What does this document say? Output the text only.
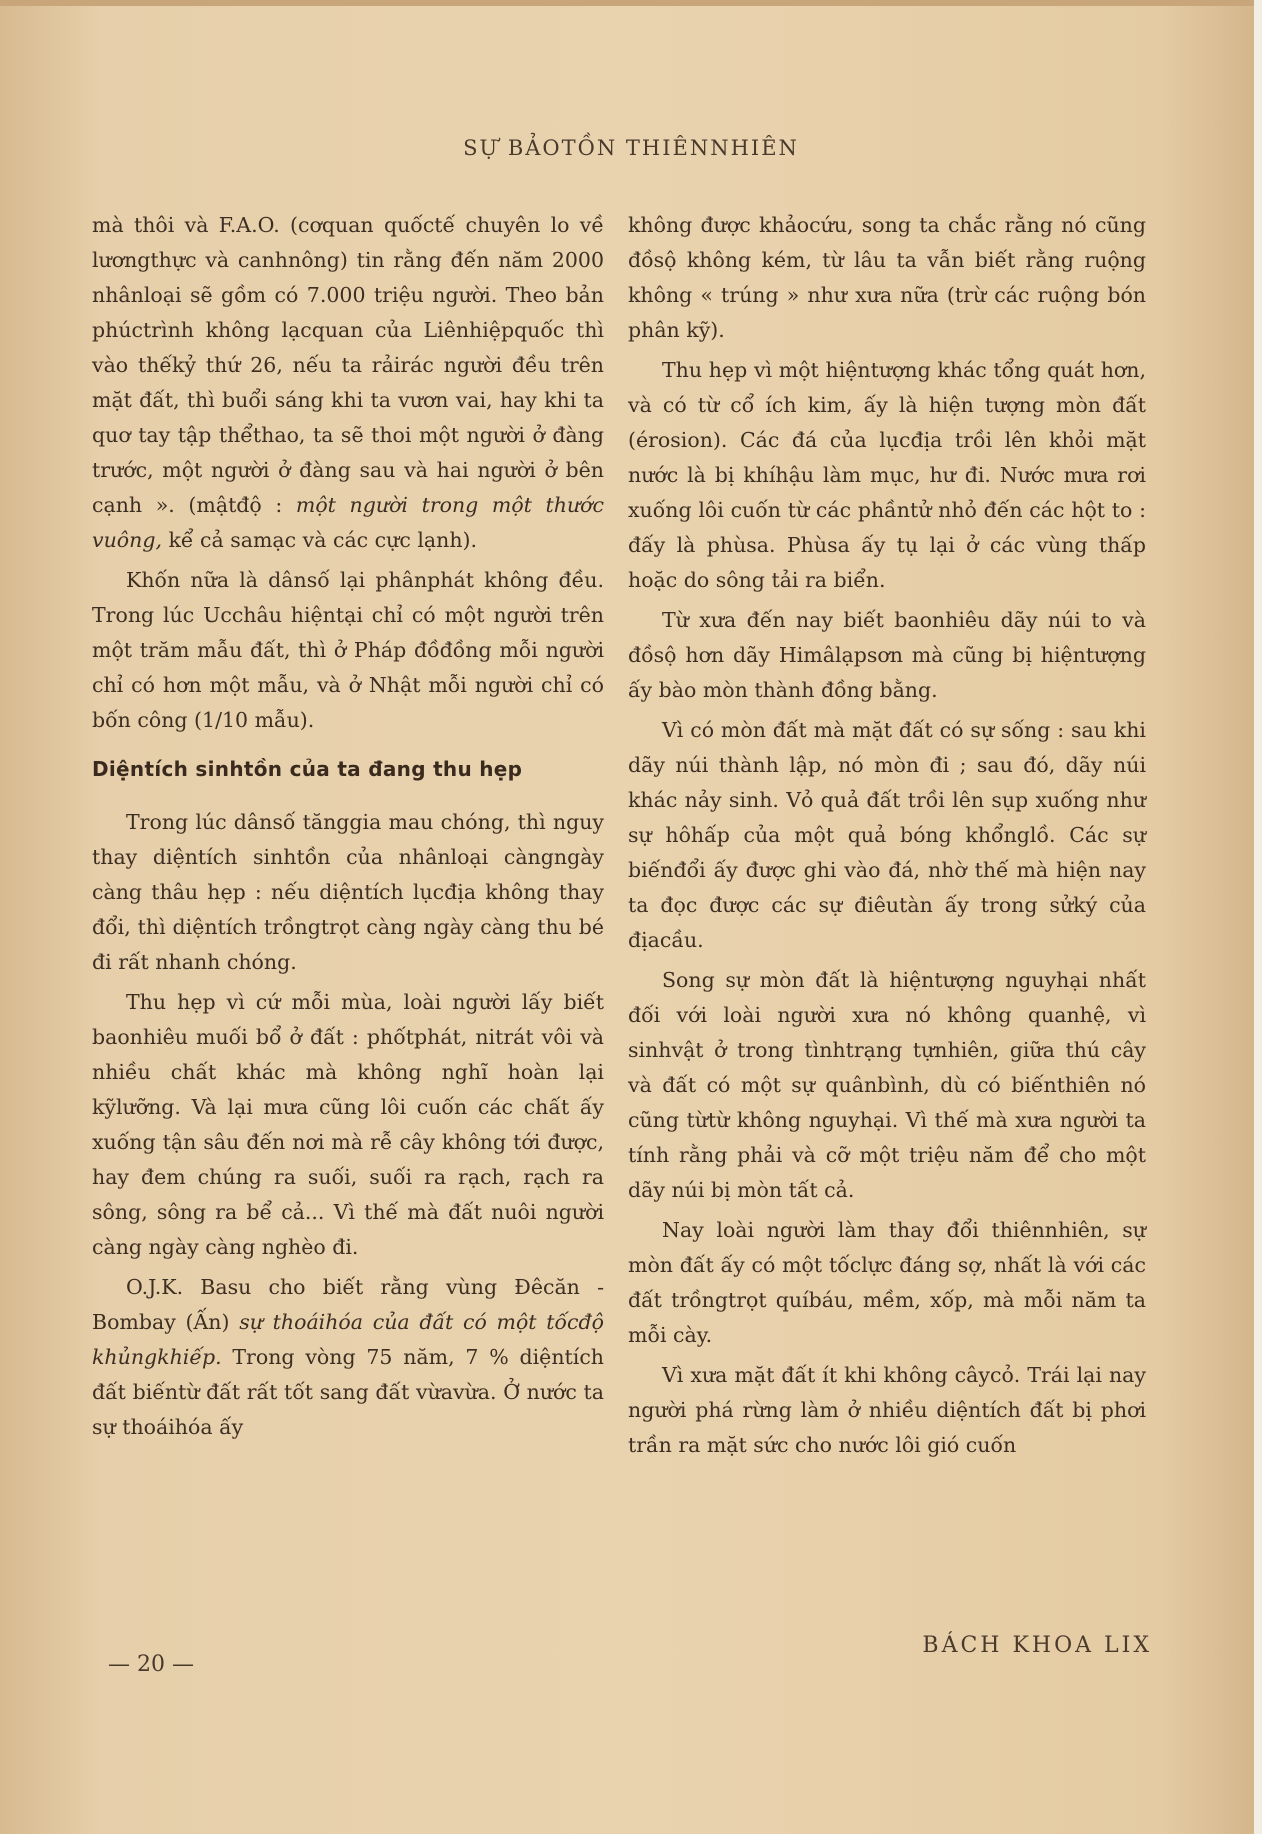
SỰ BẢOTỒN THIÊNNHIÊN

mà thôi và F.A.O. (cơquan quốctế chuyên lo về lươngthực và canhnông) tin rằng đến năm 2000 nhânloại sẽ gồm có 7.000 triệu người. Theo bản phúctrình không lạcquan của Liênhiệpquốc thì vào thếkỷ thứ 26, nếu ta rảirác người đều trên mặt đất, thì buổi sáng khi ta vươn vai, hay khi ta quơ tay tập thểthao, ta sẽ thoi một người ở đàng trước, một người ở đàng sau và hai người ở bên cạnh ». (mậtđộ : một người trong một thước vuông, kể cả samạc và các cực lạnh).

Khốn nữa là dânsố lại phânphát không đều. Trong lúc Ucchâu hiệntại chỉ có một người trên một trăm mẫu đất, thì ở Pháp đồđồng mỗi người chỉ có hơn một mẫu, và ở Nhật mỗi người chỉ có bốn công (1/10 mẫu).

Diệntích sinhtồn của ta đang thu hẹp

Trong lúc dânsố tănggia mau chóng, thì nguy thay diệntích sinhtồn của nhânloại càngngày càng thâu hẹp : nếu diệntích lụcđịa không thay đổi, thì diệntích trồngtrọt càng ngày càng thu bé đi rất nhanh chóng.

Thu hẹp vì cứ mỗi mùa, loài người lấy biết baonhiêu muối bổ ở đất : phốtphát, nitrát vôi và nhiều chất khác mà không nghĩ hoàn lại kỹlưỡng. Và lại mưa cũng lôi cuốn các chất ấy xuống tận sâu đến nơi mà rễ cây không tới được, hay đem chúng ra suối, suối ra rạch, rạch ra sông, sông ra bể cả... Vì thế mà đất nuôi người càng ngày càng nghèo đi.

O.J.K. Basu cho biết rằng vùng Đêcăn - Bombay (Ấn) sự thoáihóa của đất có một tốcđộ khủngkhiếp. Trong vòng 75 năm, 7 % diệntích đất biếntừ đất rất tốt sang đất vừavừa. Ở nước ta sự thoáihóa ấy

không được khảocứu, song ta chắc rằng nó cũng đồsộ không kém, từ lâu ta vẫn biết rằng ruộng không « trúng » như xưa nữa (trừ các ruộng bón phân kỹ).

Thu hẹp vì một hiệntượng khác tổng quát hơn, và có từ cổ ích kim, ấy là hiện tượng mòn đất (érosion). Các đá của lụcđịa trồi lên khỏi mặt nước là bị khíhậu làm mục, hư đi. Nước mưa rơi xuống lôi cuốn từ các phầntử nhỏ đến các hột to : đấy là phùsa. Phùsa ấy tụ lại ở các vùng thấp hoặc do sông tải ra biển.

Từ xưa đến nay biết baonhiêu dãy núi to và đồsộ hơn dãy Himâlạpsơn mà cũng bị hiệntượng ấy bào mòn thành đồng bằng.

Vì có mòn đất mà mặt đất có sự sống : sau khi dãy núi thành lập, nó mòn đi ; sau đó, dãy núi khác nảy sinh. Vỏ quả đất trồi lên sụp xuống như sự hôhấp của một quả bóng khổnglồ. Các sự biếnđổi ấy được ghi vào đá, nhờ thế mà hiện nay ta đọc được các sự điêutàn ấy trong sửký của địacầu.

Song sự mòn đất là hiệntượng nguyhại nhất đối với loài người xưa nó không quanhệ, vì sinhvật ở trong tìnhtrạng tựnhiên, giữa thú cây và đất có một sự quânbình, dù có biếnthiên nó cũng từtừ không nguyhại. Vì thế mà xưa người ta tính rằng phải và cỡ một triệu năm để cho một dãy núi bị mòn tất cả.

Nay loài người làm thay đổi thiênnhiên, sự mòn đất ấy có một tốclực đáng sợ, nhất là với các đất trồngtrọt quíbáu, mềm, xốp, mà mỗi năm ta mỗi cày.

Vì xưa mặt đất ít khi không câycỏ. Trái lại nay người phá rừng làm ở nhiều diệntích đất bị phơi trần ra mặt sức cho nước lôi gió cuốn

— 20 —
BÁCH KHOA LIX
